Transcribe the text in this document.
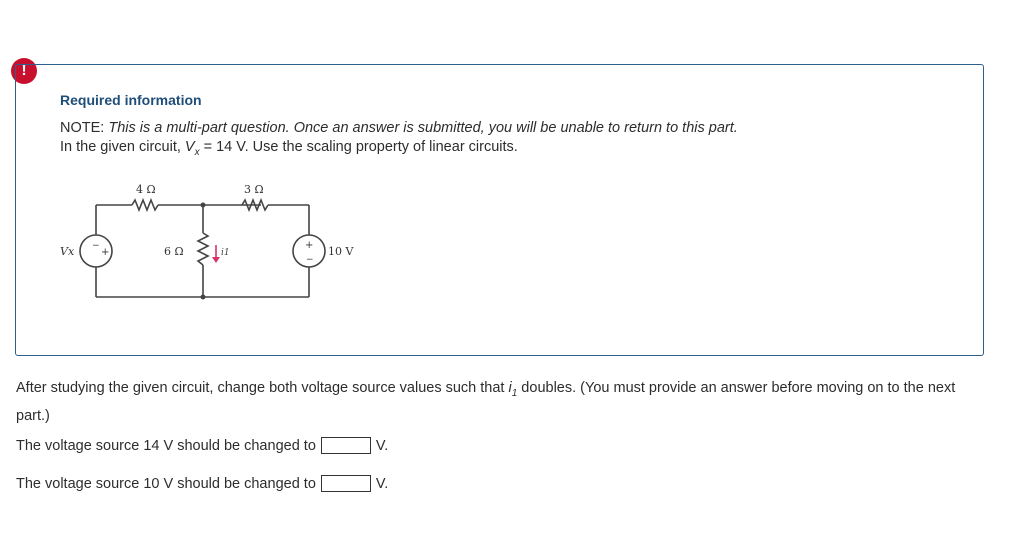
!
Required information
NOTE: This is a multi-part question. Once an answer is submitted, you will be unable to return to this part.
In the given circuit, $V_x = 14$ V. Use the scaling property of linear circuits.
4 Ω	3 Ω
6 Ω
Vx	10 V
i1
−
+
+
−
After studying the given circuit, change both voltage source values such that $i_1$ doubles. (You must provide an answer before moving on to the next part.)
The voltage source 14 V should be changed to	V.
The voltage source 10 V should be changed to	V.
